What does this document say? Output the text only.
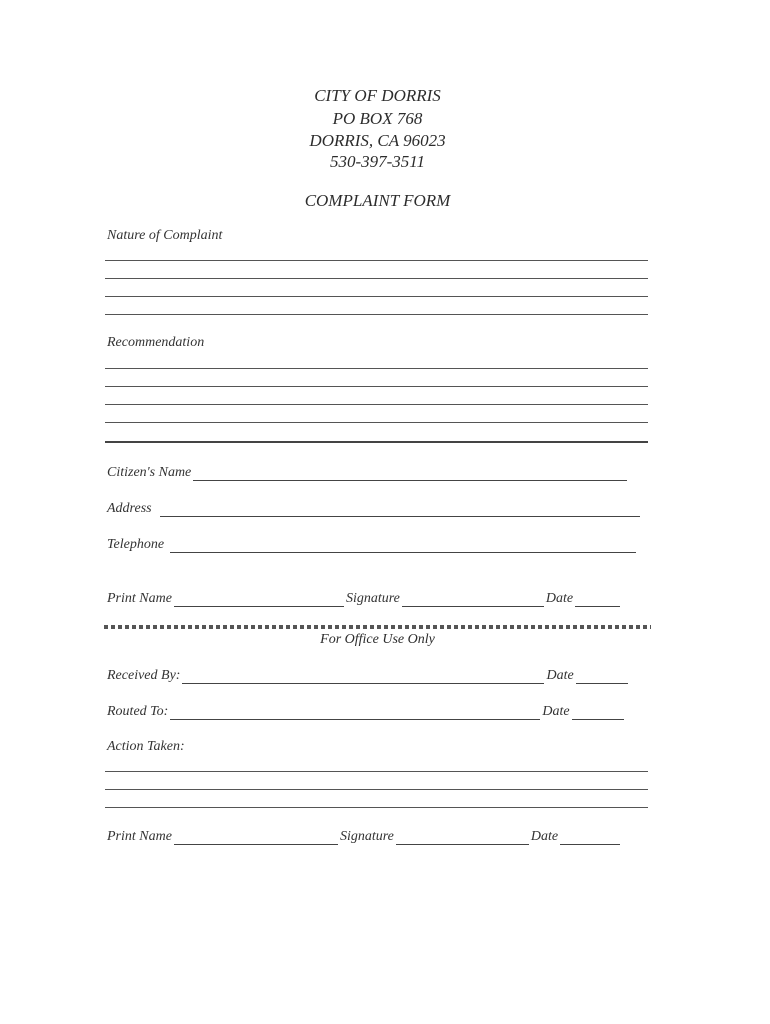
CITY OF DORRIS
PO BOX 768
DORRIS, CA 96023
530-397-3511
COMPLAINT FORM
Nature of Complaint
Recommendation
Citizen's Name
Address
Telephone
Print Name	Signature	Date
For Office Use Only
Received By:	Date
Routed To:	Date
Action Taken:
Print Name	Signature	Date
